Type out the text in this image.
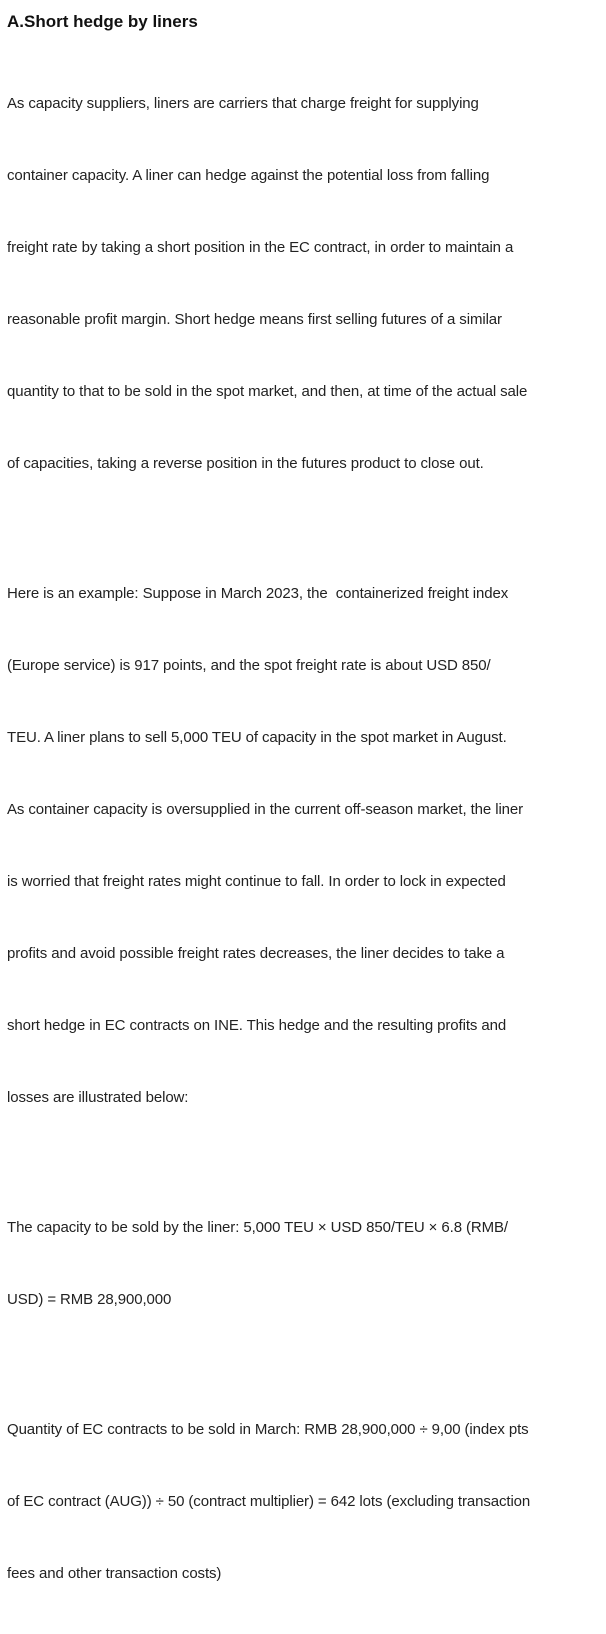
A.Short hedge by liners

As capacity suppliers, liners are carriers that charge freight for supplying

container capacity. A liner can hedge against the potential loss from falling

freight rate by taking a short position in the EC contract, in order to maintain a

reasonable profit margin. Short hedge means first selling futures of a similar

quantity to that to be sold in the spot market, and then, at time of the actual sale

of capacities, taking a reverse position in the futures product to close out.

Here is an example: Suppose in March 2023, the  containerized freight index

(Europe service) is 917 points, and the spot freight rate is about USD 850/

TEU. A liner plans to sell 5,000 TEU of capacity in the spot market in August.

As container capacity is oversupplied in the current off-season market, the liner

is worried that freight rates might continue to fall. In order to lock in expected

profits and avoid possible freight rates decreases, the liner decides to take a

short hedge in EC contracts on INE. This hedge and the resulting profits and

losses are illustrated below:

The capacity to be sold by the liner: 5,000 TEU × USD 850/TEU × 6.8 (RMB/

USD) = RMB 28,900,000

Quantity of EC contracts to be sold in March: RMB 28,900,000 ÷ 9,00 (index pts

of EC contract (AUG)) ÷ 50 (contract multiplier) = 642 lots (excluding transaction

fees and other transaction costs)
